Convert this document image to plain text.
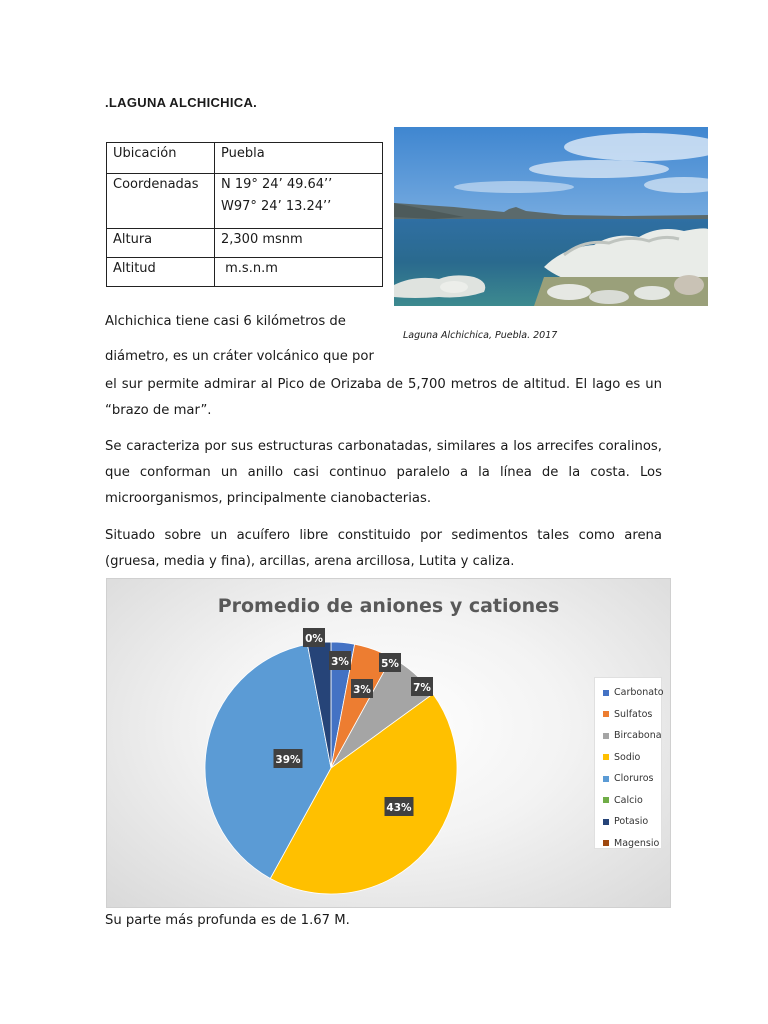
.LAGUNA ALCHICHICA.
Ubicación	Puebla
Coordenadas	N 19° 24’ 49.64’’
W97° 24’ 13.24’’

Altura	2,300 msnm
Altitud	m.s.n.m

Laguna Alchichica, Puebla. 2017

Alchichica tiene casi 6 kilómetros de

diámetro, es un cráter volcánico que por

el sur permite admirar al Pico de Orizaba de 5,700 metros de altitud. El lago es un “brazo de mar”.

Se caracteriza por sus estructuras carbonatadas, similares a los arrecifes coralinos, que conforman un anillo casi continuo paralelo a la línea de la costa. Los microorganismos, principalmente cianobacterias.

Situado sobre un acuífero libre constituido por sedimentos tales como arena (gruesa, media y fina), arcillas, arena arcillosa, Lutita y caliza.

Promedio de aniones y cationes
3%
5%
7%
43%
39%
0%
3%
Carbonato
Sulfatos
Bircabona
Sodio
Cloruros
Calcio
Potasio
Magensio

Su parte más profunda es de 1.67 M.
